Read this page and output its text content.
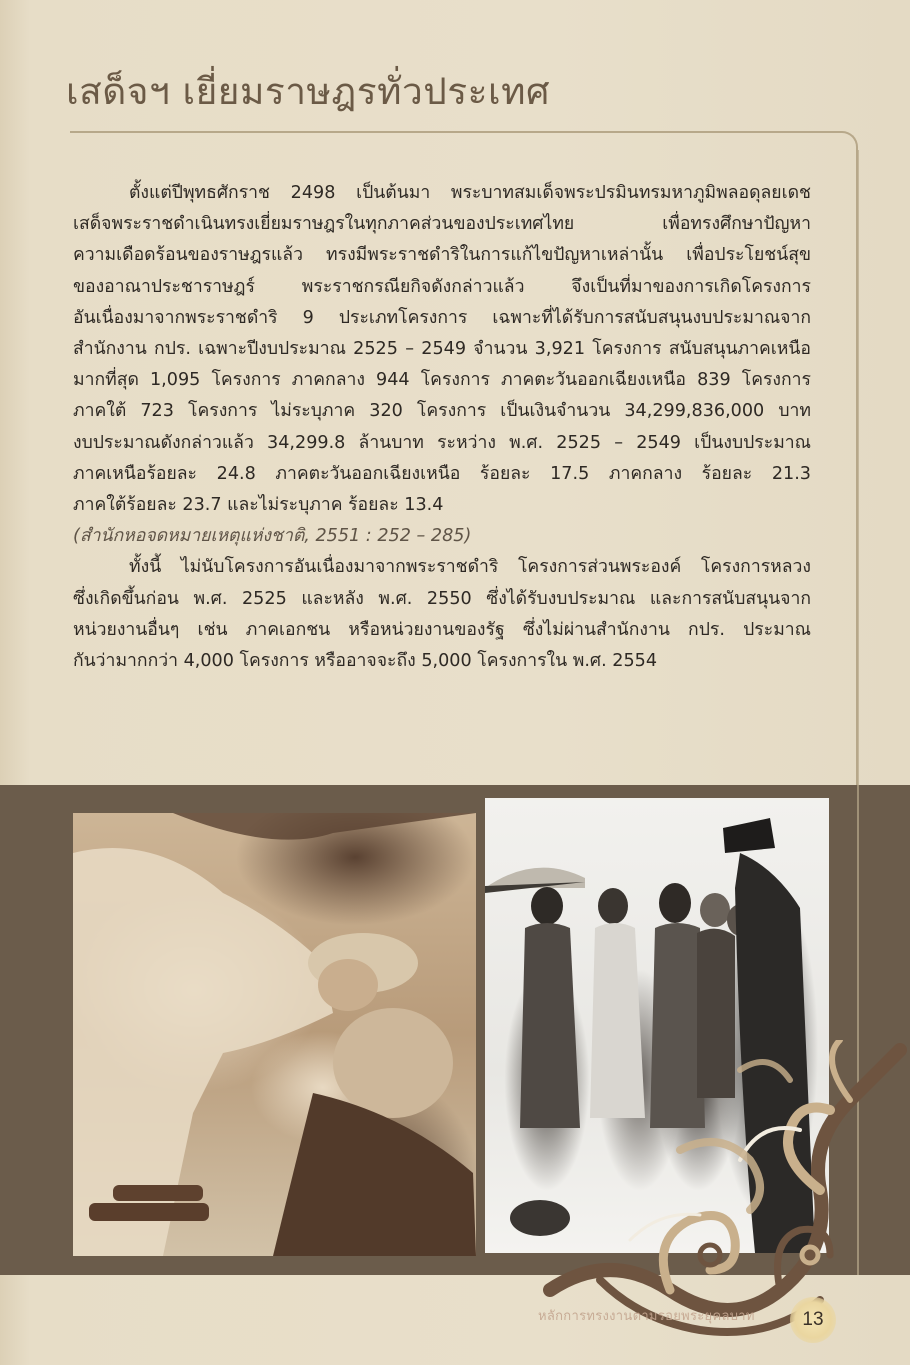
เสด็จฯ เยี่ยมราษฎรทั่วประเทศ

ตั้งแต่ปีพุทธศักราช 2498 เป็นต้นมา พระบาทสมเด็จพระปรมินทรมหาภูมิพลอดุลยเดช
เสด็จพระราชดำเนินทรงเยี่ยมราษฎรในทุกภาคส่วนของประเทศไทย เพื่อทรงศึกษาปัญหา
ความเดือดร้อนของราษฎรแล้ว ทรงมีพระราชดำริในการแก้ไขปัญหาเหล่านั้น เพื่อประโยชน์สุข
ของอาณาประชาราษฎร์ พระราชกรณียกิจดังกล่าวแล้ว จึงเป็นที่มาของการเกิดโครงการ
อันเนื่องมาจากพระราชดำริ 9 ประเภทโครงการ เฉพาะที่ได้รับการสนับสนุนงบประมาณจาก
สำนักงาน กปร. เฉพาะปีงบประมาณ 2525 – 2549 จำนวน 3,921 โครงการ สนับสนุนภาคเหนือ
มากที่สุด 1,095 โครงการ ภาคกลาง 944 โครงการ ภาคตะวันออกเฉียงเหนือ 839 โครงการ
ภาคใต้ 723 โครงการ ไม่ระบุภาค 320 โครงการ เป็นเงินจำนวน 34,299,836,000 บาท
งบประมาณดังกล่าวแล้ว 34,299.8 ล้านบาท ระหว่าง พ.ศ. 2525 – 2549 เป็นงบประมาณ
ภาคเหนือร้อยละ 24.8 ภาคตะวันออกเฉียงเหนือ ร้อยละ 17.5 ภาคกลาง ร้อยละ 21.3
ภาคใต้ร้อยละ 23.7 และไม่ระบุภาค ร้อยละ 13.4

(สำนักหอจดหมายเหตุแห่งชาติ, 2551 : 252 – 285)

ทั้งนี้ ไม่นับโครงการอันเนื่องมาจากพระราชดำริ โครงการส่วนพระองค์ โครงการหลวง
ซึ่งเกิดขึ้นก่อน พ.ศ. 2525 และหลัง พ.ศ. 2550 ซึ่งได้รับงบประมาณ และการสนับสนุนจาก
หน่วยงานอื่นๆ เช่น ภาคเอกชน หรือหน่วยงานของรัฐ ซึ่งไม่ผ่านสำนักงาน กปร. ประมาณ
กันว่ามากกว่า 4,000 โครงการ หรืออาจจะถึง 5,000 โครงการใน พ.ศ. 2554

หลักการทรงงานตามรอยพระยุคลบาท	13
